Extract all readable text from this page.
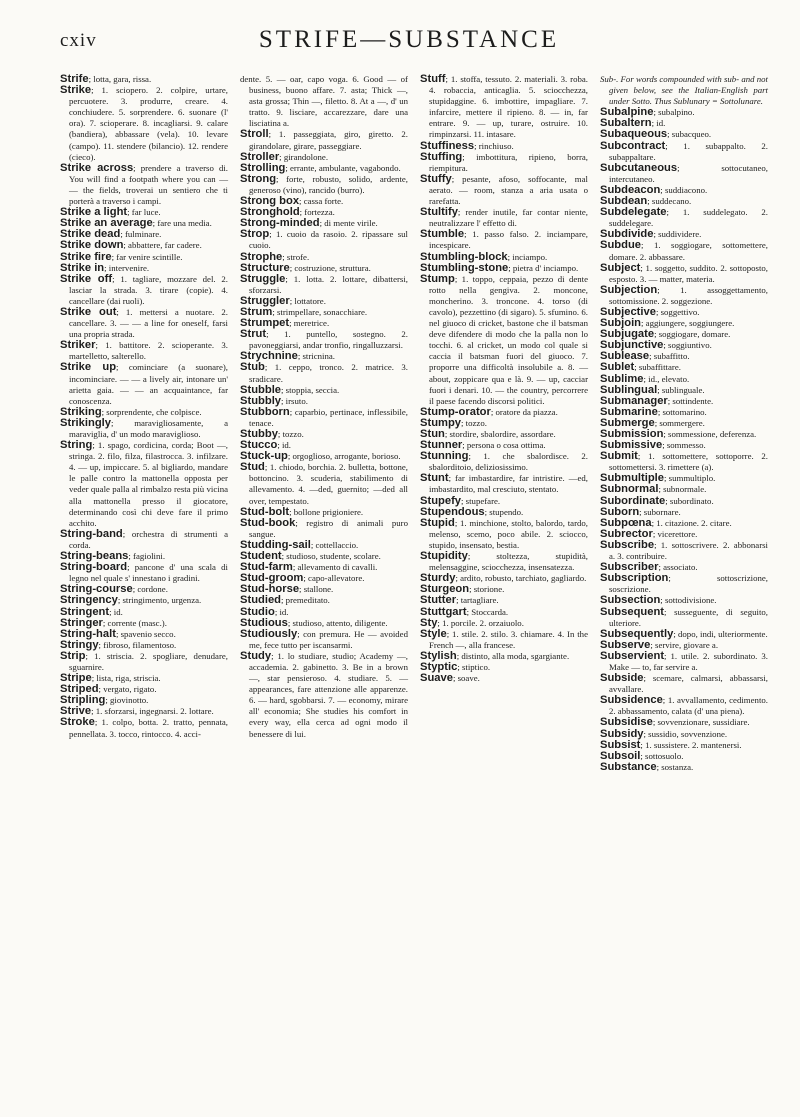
cxiv	STRIFE—SUBSTANCE
Strife; lotta, gara, rissa.
Strike; 1. sciopero. 2. colpire, urtare, percuotere. 3. produrre, creare. 4. conchiudere. 5. sorprendere. 6. suonare (l' ora). 7. scioperare. 8. incagliarsi. 9. calare (bandiera), abbassare (vela). 10. levare (campo). 11. stendere (bilancio). 12. rendere (cieco).
Strike across; prendere a traverso di. You will find a footpath where you can — — the fields, troverai un sentiero che ti porterà a traverso i campi.
Strike a light; far luce.
Strike an average; fare una media.
Strike dead; fulminare.
Strike down; abbattere, far cadere.
Strike fire; far venire scintille.
Strike in; intervenire.
Strike off; 1. tagliare, mozzare del. 2. lasciar la strada. 3. tirare (copie). 4. cancellare (dai ruoli).
Strike out; 1. mettersi a nuotare. 2. cancellare. 3. — — a line for oneself, farsi una propria strada.
Striker; 1. battitore. 2. scioperante. 3. martelletto, salterello.
Strike up; cominciare (a suonare), incominciare. — — a lively air, intonare un' arietta gaia. — — an acquaintance, far conoscenza.
Striking; sorprendente, che colpisce.
Strikingly; maravigliosamente, a maraviglia, d' un modo maraviglioso.
String; 1. spago, cordicina, corda; Boot —, stringa. 2. filo, filza, filastrocca. 3. infilzare. 4. — up, impiccare. 5. al bigliardo, mandare le palle contro la mattonella opposta per veder quale palla al rimbalzo resta più vicina alla mattonella presso il giocatore, determinando così chi deve fare il primo acchito.
String-band; orchestra di strumenti a corda.
String-beans; fagiolini.
String-board; pancone d' una scala di legno nel quale s' innestano i gradini.
String-course; cordone.
Stringency; stringimento, urgenza.
Stringent; id.
Stringer; corrente (masc.).
String-halt; spavenio secco.
Stringy; fibroso, filamentoso.
Strip; 1. striscia. 2. spogliare, denudare, sguarnire.
Stripe; lista, riga, striscia.
Striped; vergato, rigato.
Stripling; giovinotto.
Strive; 1. sforzarsi, ingegnarsi. 2. lottare.
Stroke; 1. colpo, botta. 2. tratto, pennata, pennellata. 3. tocco, rintocco. 4. acci-
dente. 5. — oar, capo voga. 6. Good — of business, buono affare. 7. asta; Thick —, asta grossa; Thin —, filetto. 8. At a —, d' un tratto. 9. lisciare, accarezzare, dare una lisciatina a.
Stroll; 1. passeggiata, giro, giretto. 2. girandolare, girare, passeggiare.
Stroller; girandolone.
Strolling; errante, ambulante, vagabondo.
Strong; forte, robusto, solido, ardente, generoso (vino), rancido (burro).
Strong box; cassa forte.
Stronghold; fortezza.
Strong-minded; di mente virile.
Strop; 1. cuoio da rasoio. 2. ripassare sul cuoio.
Strophe; strofe.
Structure; costruzione, struttura.
Struggle; 1. lotta. 2. lottare, dibattersi, sforzarsi.
Struggler; lottatore.
Strum; strimpellare, sonacchiare.
Strumpet; meretrice.
Strut; 1. puntello, sostegno. 2. pavoneggiarsi, andar tronfio, ringalluzzarsi.
Strychnine; stricnina.
Stub; 1. ceppo, tronco. 2. matrice. 3. sradicare.
Stubble; stoppia, seccia.
Stubbly; irsuto.
Stubborn; caparbio, pertinace, inflessibile, tenace.
Stubby; tozzo.
Stucco; id.
Stuck-up; orgoglioso, arrogante, borioso.
Stud; 1. chiodo, borchia. 2. bulletta, bottone, bottoncino. 3. scuderia, stabilimento di allevamento. 4. —ded, guernito; —ded all over, tempestato.
Stud-bolt; bollone prigioniere.
Stud-book; registro di animali puro sangue.
Studding-sail; cottellaccio.
Student; studioso, studente, scolare.
Stud-farm; allevamento di cavalli.
Stud-groom; capo-allevatore.
Stud-horse; stallone.
Studied; premeditato.
Studio; id.
Studious; studioso, attento, diligente.
Studiously; con premura. He — avoided me, fece tutto per iscansarmi.
Study; 1. lo studiare, studio; Academy —, accademia. 2. gabinetto. 3. Be in a brown —, star pensieroso. 4. studiare. 5. — appearances, fare attenzione alle apparenze. 6. — hard, sgobbarsi. 7. — economy, mirare all' economia; She studies his comfort in every way, ella cerca ad ogni modo il benessere di lui.
Stuff; 1. stoffa, tessuto. 2. materiali. 3. roba. 4. robaccia, anticaglia. 5. sciocchezza, stupidaggine. 6. imbottire, impagliare. 7. infarcire, mettere il ripieno. 8. — in, far entrare. 9. — up, turare, ostruire. 10. rimpinzarsi. 11. intasare.
Stuffiness; rinchiuso.
Stuffing; imbottitura, ripieno, borra, riempitura.
Stuffy; pesante, afoso, soffocante, mal aerato. — room, stanza a aria usata o rarefatta.
Stultify; render inutile, far contar niente, neutralizzare l' effetto di.
Stumble; 1. passo falso. 2. inciampare, incespicare.
Stumbling-block; inciampo.
Stumbling-stone; pietra d' inciampo.
Stump; 1. toppo, ceppaia, pezzo di dente rotto nella gengiva. 2. moncone, moncherino. 3. troncone. 4. torso (di cavolo), pezzettino (di sigaro). 5. sfumino. 6. nel giuoco di cricket, bastone che il batsman deve difendere di modo che la palla non lo tocchi. 6. al cricket, un modo col quale si caccia il batsman fuori del giuoco. 7. proporre una difficoltà insolubile a. 8. — about, zoppicare qua e là. 9. — up, cacciar fuori i denari. 10. — the country, percorrere il paese facendo discorsi politici.
Stump-orator; oratore da piazza.
Stumpy; tozzo.
Stun; stordire, sbalordire, assordare.
Stunner; persona o cosa ottima.
Stunning; 1. che sbalordisce. 2. sbalorditoio, deliziosissimo.
Stunt; far imbastardire, far intristire. —ed, imbastardito, mal cresciuto, stentato.
Stupefy; stupefare.
Stupendous; stupendo.
Stupid; 1. minchione, stolto, balordo, tardo, melenso, scemo, poco abile. 2. sciocco, stupido, insensato, bestia.
Stupidity; stoltezza, stupidità, melensaggine, sciocchezza, insensatezza.
Sturdy; ardito, robusto, tarchiato, gagliardo.
Sturgeon; storione.
Stutter; tartagliare.
Stuttgart; Stoccarda.
Sty; 1. porcile. 2. orzaiuolo.
Style; 1. stile. 2. stilo. 3. chiamare. 4. In the French —, alla francese.
Stylish; distinto, alla moda, sgargiante.
Styptic; stiptico.
Suave; soave.
Sub-. For words compounded with sub- and not given below, see the Italian-English part under Sotto. Thus Sublunary = Sottolunare.
Subalpine; subalpino.
Subaltern; id.
Subaqueous; subacqueo.
Subcontract; 1. subappalto. 2. subappaltare.
Subcutaneous; sottocutaneo, intercutaneo.
Subdeacon; suddiacono.
Subdean; suddecano.
Subdelegate; 1. suddelegato. 2. suddelegare.
Subdivide; suddividere.
Subdue; 1. soggiogare, sottomettere, domare. 2. abbassare.
Subject; 1. soggetto, suddito. 2. sottoposto, esposto. 3. — matter, materia.
Subjection; 1. assoggettamento, sottomissione. 2. soggezione.
Subjective; soggettivo.
Subjoin; aggiungere, soggiungere.
Subjugate; soggiogare, domare.
Subjunctive; soggiuntivo.
Sublease; subaffitto.
Sublet; subaffittare.
Sublime; id., elevato.
Sublingual; sublinguale.
Submanager; sottindente.
Submarine; sottomarino.
Submerge; sommergere.
Submission; sommessione, deferenza.
Submissive; sommesso.
Submit; 1. sottomettere, sottoporre. 2. sottomettersi. 3. rimettere (a).
Submultiple; summultiplo.
Subnormal; subnormale.
Subordinate; subordinato.
Suborn; subornare.
Subpœna; 1. citazione. 2. citare.
Subrector; vicerettore.
Subscribe; 1. sottoscrivere. 2. abbonarsi a. 3. contribuire.
Subscriber; associato.
Subscription; sottoscrizione, soscrizione.
Subsection; sottodivisione.
Subsequent; susseguente, di seguito, ulteriore.
Subsequently; dopo, indi, ulteriormente.
Subserve; servire, giovare a.
Subservient; 1. utile. 2. subordinato. 3. Make — to, far servire a.
Subside; scemare, calmarsi, abbassarsi, avvallare.
Subsidence; 1. avvallamento, cedimento. 2. abbassamento, calata (d' una piena).
Subsidise; sovvenzionare, sussidiare.
Subsidy; sussidio, sovvenzione.
Subsist; 1. sussistere. 2. mantenersi.
Subsoil; sottosuolo.
Substance; sostanza.
